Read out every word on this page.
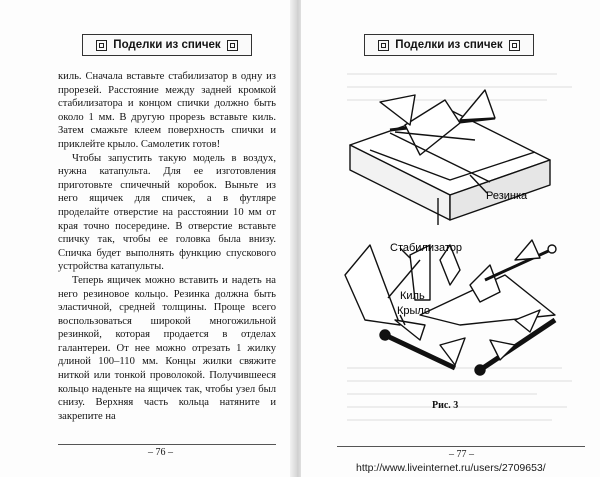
Поделки из спичек

киль. Сначала вставьте стабилизатор в одну из прорезей. Расстояние между задней кромкой стабилизатора и концом спички должно быть около 1 мм. В другую прорезь вставьте киль. Затем смажьте клеем поверхность спички и приклейте крыло. Самолетик готов!

Чтобы запустить такую модель в воздух, нужна катапульта. Для ее изготовления приготовьте спичечный коробок. Выньте из него ящичек для спичек, а в футляре проделайте отверстие на расстоянии 10 мм от края точно посередине. В отверстие вставьте спичку так, чтобы ее головка была внизу. Спичка будет выполнять функцию спускового устройства катапульты.

Теперь ящичек можно вставить и надеть на него резиновое кольцо. Резинка должна быть эластичной, средней толщины. Проще всего воспользоваться широкой многожильной резинкой, которая продается в отделах галантереи. От нее можно отрезать 1 жилку длиной 100–110 мм. Концы жилки свяжите ниткой или тонкой проволокой. Получившееся кольцо наденьте на ящичек так, чтобы узел был снизу. Верхняя часть кольца натяните и закрепите на

– 76 –
Поделки из спичек
– 77 –
Резинка
Стабилизатор
Киль
Крыло
Рис. 3
http://www.liveinternet.ru/users/2709653/
